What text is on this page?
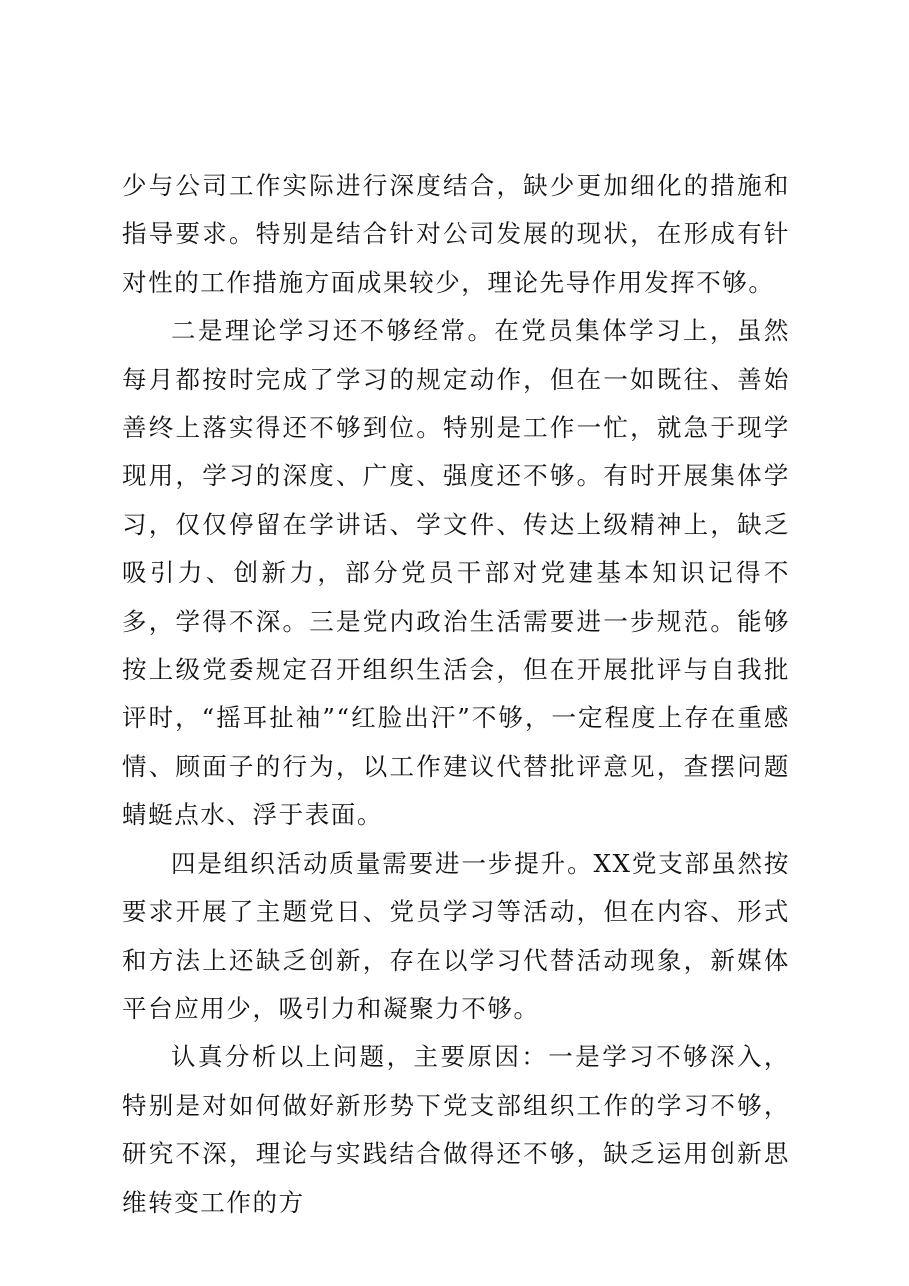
少与公司工作实际进行深度结合，缺少更加细化的措施和指导要求。特别是结合针对公司发展的现状，在形成有针对性的工作措施方面成果较少，理论先导作用发挥不够。

二是理论学习还不够经常。在党员集体学习上，虽然每月都按时完成了学习的规定动作，但在一如既往、善始善终上落实得还不够到位。特别是工作一忙，就急于现学现用，学习的深度、广度、强度还不够。有时开展集体学习，仅仅停留在学讲话、学文件、传达上级精神上，缺乏吸引力、创新力，部分党员干部对党建基本知识记得不多，学得不深。三是党内政治生活需要进一步规范。能够按上级党委规定召开组织生活会，但在开展批评与自我批评时，“摇耳扯袖”“红脸出汗”不够，一定程度上存在重感情、顾面子的行为，以工作建议代替批评意见，查摆问题蜻蜓点水、浮于表面。

四是组织活动质量需要进一步提升。XX党支部虽然按要求开展了主题党日、党员学习等活动，但在内容、形式和方法上还缺乏创新，存在以学习代替活动现象，新媒体平台应用少，吸引力和凝聚力不够。

认真分析以上问题，主要原因：一是学习不够深入，特别是对如何做好新形势下党支部组织工作的学习不够，研究不深，理论与实践结合做得还不够，缺乏运用创新思维转变工作的方
